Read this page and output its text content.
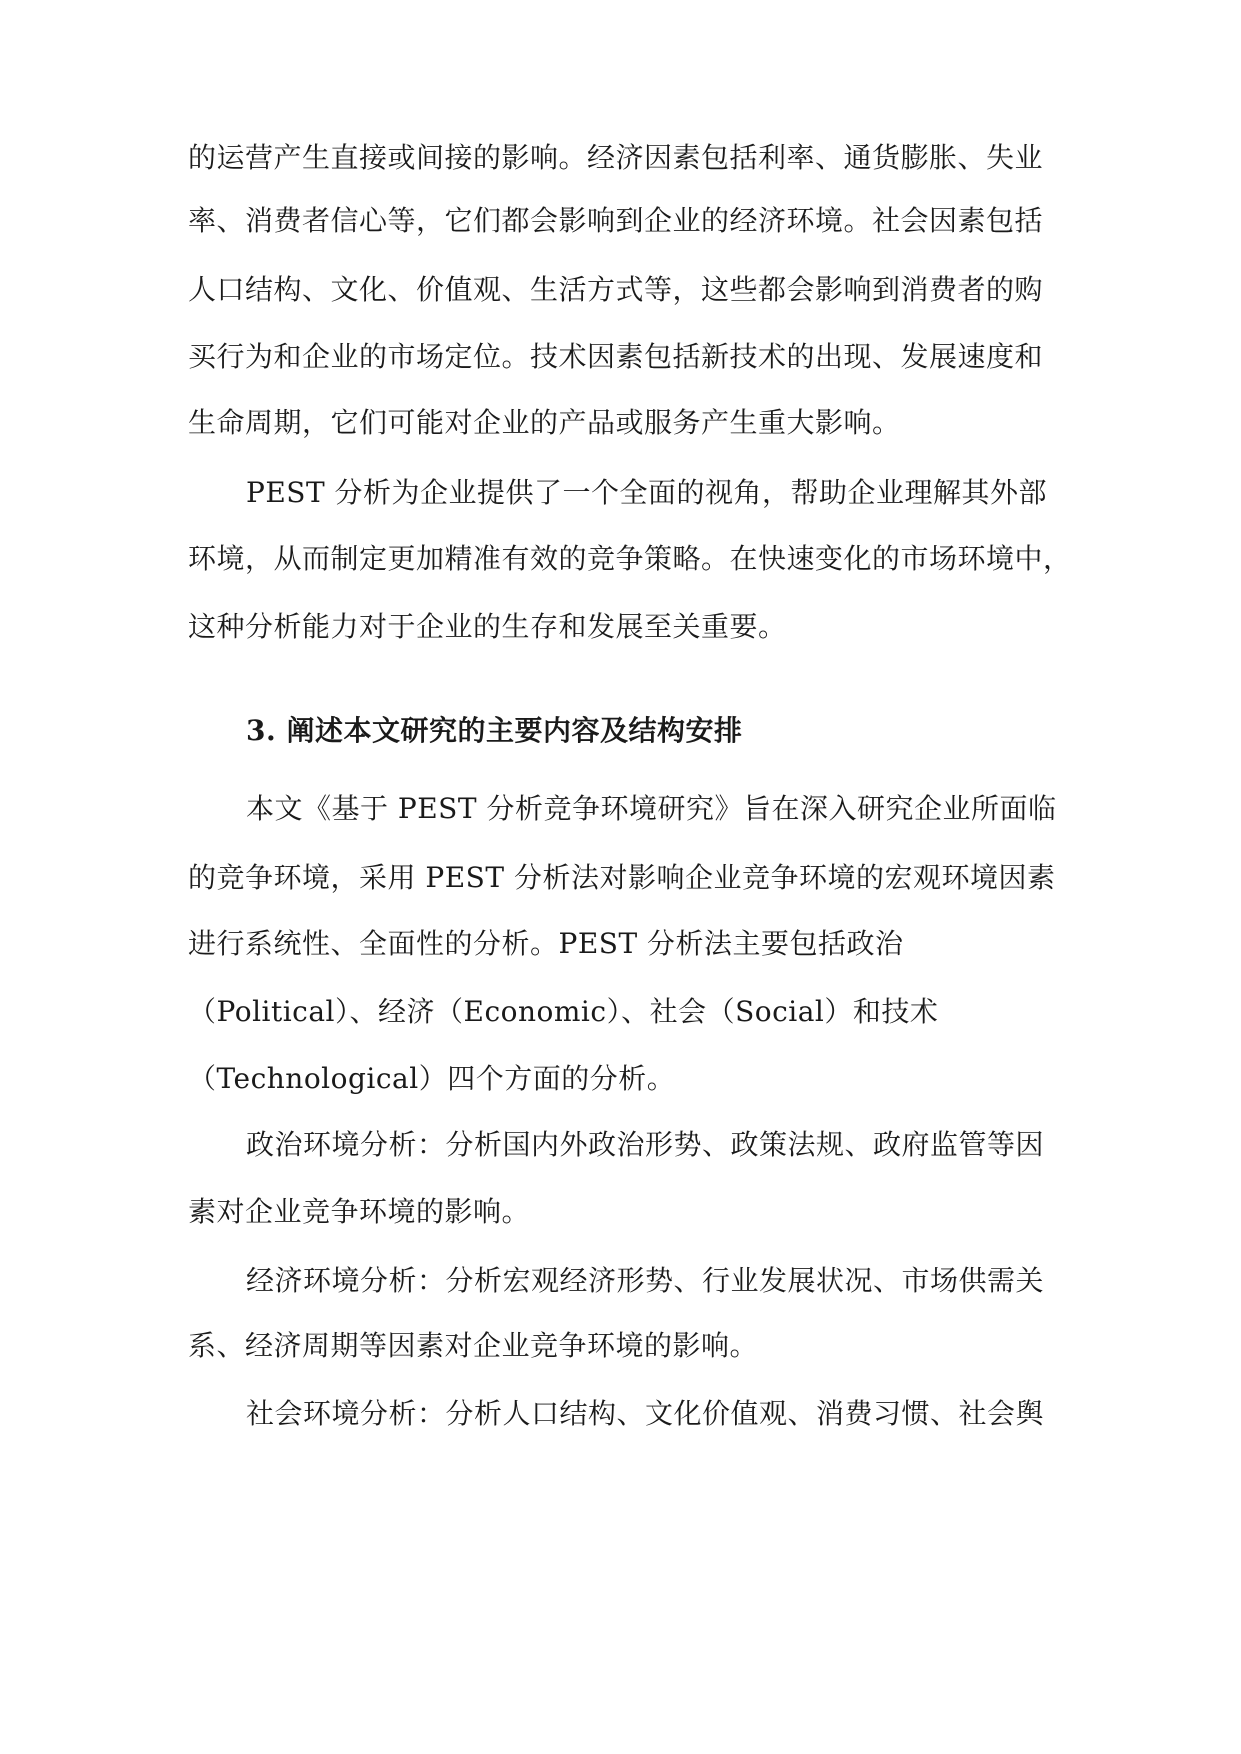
的运营产生直接或间接的影响。经济因素包括利率、通货膨胀、失业
率、消费者信心等，它们都会影响到企业的经济环境。社会因素包括
人口结构、文化、价值观、生活方式等，这些都会影响到消费者的购
买行为和企业的市场定位。技术因素包括新技术的出现、发展速度和
生命周期，它们可能对企业的产品或服务产生重大影响。
PEST 分析为企业提供了一个全面的视角，帮助企业理解其外部
环境，从而制定更加精准有效的竞争策略。在快速变化的市场环境中，
这种分析能力对于企业的生存和发展至关重要。
3. 阐述本文研究的主要内容及结构安排
本文《基于 PEST 分析竞争环境研究》旨在深入研究企业所面临
的竞争环境，采用 PEST 分析法对影响企业竞争环境的宏观环境因素
进行系统性、全面性的分析。PEST 分析法主要包括政治
（Political）、经济（Economic）、社会（Social）和技术
（Technological）四个方面的分析。
政治环境分析：分析国内外政治形势、政策法规、政府监管等因
素对企业竞争环境的影响。
经济环境分析：分析宏观经济形势、行业发展状况、市场供需关
系、经济周期等因素对企业竞争环境的影响。
社会环境分析：分析人口结构、文化价值观、消费习惯、社会舆
